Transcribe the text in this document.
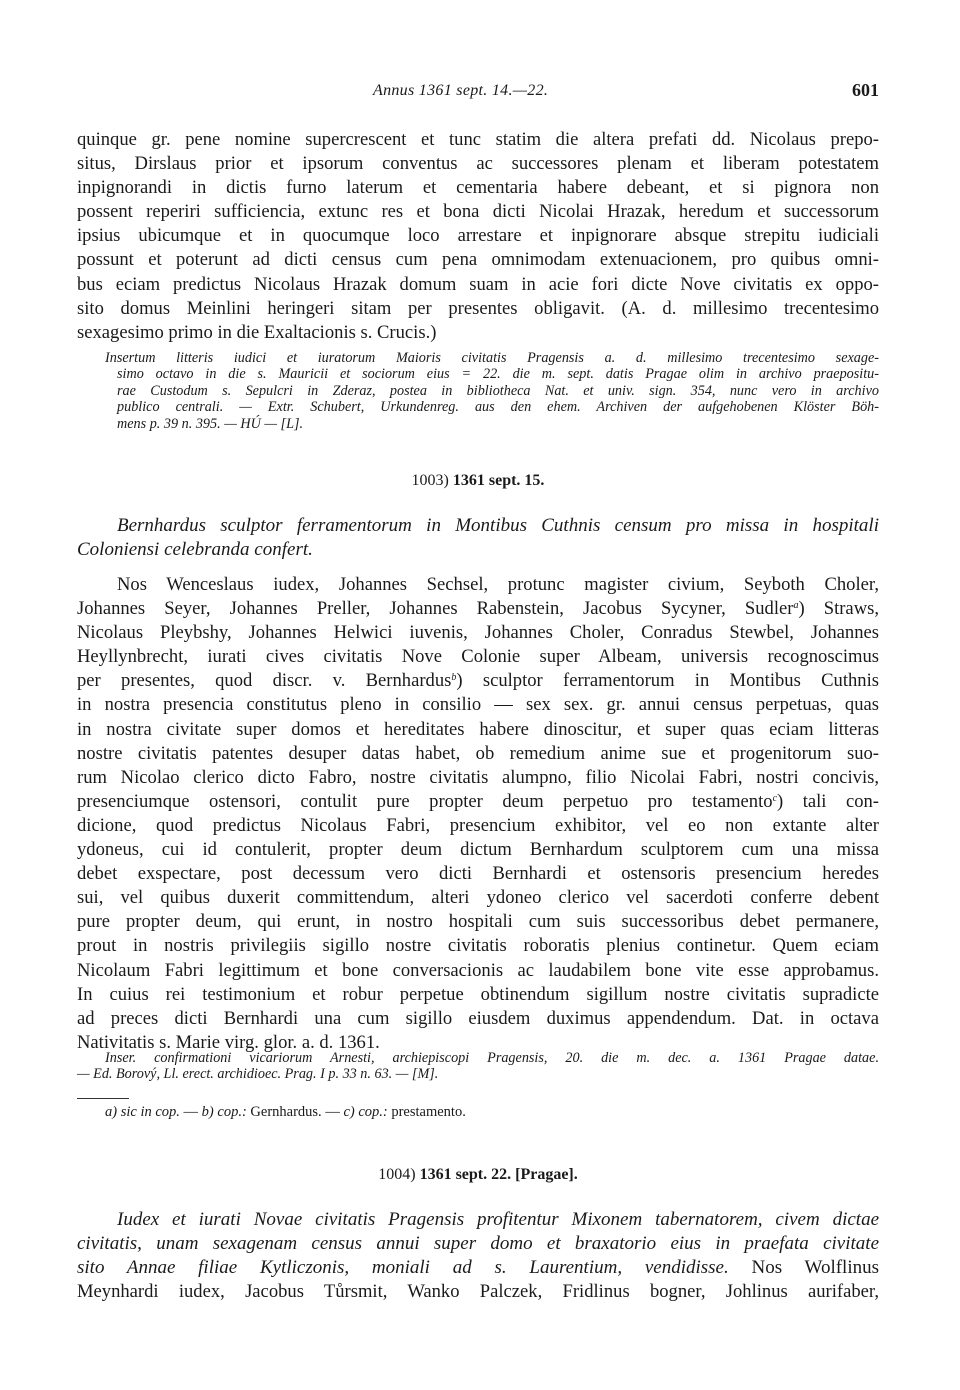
Annus 1361 sept. 14.—22.	601

quinque gr. pene nomine supercrescent et tunc statim die altera prefati dd. Nicolaus prepo-
situs, Dirslaus prior et ipsorum conventus ac successores plenam et liberam potestatem
inpignorandi in dictis furno laterum et cementaria habere debeant, et si pignora non
possent reperiri sufficiencia, extunc res et bona dicti Nicolai Hrazak, heredum et successorum
ipsius ubicumque et in quocumque loco arrestare et inpignorare absque strepitu iudiciali
possunt et poterunt ad dicti census cum pena omnimodam extenuacionem, pro quibus omni-
bus eciam predictus Nicolaus Hrazak domum suam in acie fori dicte Nove civitatis ex oppo-
sito domus Meinlini heringeri sitam per presentes obligavit. (A. d. millesimo trecentesimo
sexagesimo primo in die Exaltacionis s. Crucis.)

Insertum litteris iudici et iuratorum Maioris civitatis Pragensis a. d. millesimo trecentesimo sexage-
simo octavo in die s. Mauricii et sociorum eius = 22. die m. sept. datis Pragae olim in archivo praepositu-
rae Custodum s. Sepulcri in Zderaz, postea in bibliotheca Nat. et univ. sign. 354, nunc vero in archivo
publico centrali. — Extr. Schubert, Urkundenreg. aus den ehem. Archiven der aufgehobenen Klöster Böh-
mens p. 39 n. 395. — HÚ — [L].

1003) 1361 sept. 15.

Bernhardus sculptor ferramentorum in Montibus Cuthnis censum pro missa in hospitali
Coloniensi celebranda confert.

Nos Wenceslaus iudex, Johannes Sechsel, protunc magister civium, Seyboth Choler,
Johannes Seyer, Johannes Preller, Johannes Rabenstein, Jacobus Sycyner, Sudler$^a$) Straws,
Nicolaus Pleybshy, Johannes Helwici iuvenis, Johannes Choler, Conradus Stewbel, Johannes
Heyllynbrecht, iurati cives civitatis Nove Colonie super Albeam, universis recognoscimus
per presentes, quod discr. v. Bernhardus$^b$) sculptor ferramentorum in Montibus Cuthnis
in nostra presencia constitutus pleno in consilio — sex sex. gr. annui census perpetuas, quas
in nostra civitate super domos et hereditates habere dinoscitur, et super quas eciam litteras
nostre civitatis patentes desuper datas habet, ob remedium anime sue et progenitorum suo-
rum Nicolao clerico dicto Fabro, nostre civitatis alumpno, filio Nicolai Fabri, nostri concivis,
presenciumque ostensori, contulit pure propter deum perpetuo pro testamento$^c$) tali con-
dicione, quod predictus Nicolaus Fabri, presencium exhibitor, vel eo non extante alter
ydoneus, cui id contulerit, propter deum dictum Bernhardum sculptorem cum una missa
debet exspectare, post decessum vero dicti Bernhardi et ostensoris presencium heredes
sui, vel quibus duxerit committendum, alteri ydoneo clerico vel sacerdoti conferre debent
pure propter deum, qui erunt, in nostro hospitali cum suis successoribus debet permanere,
prout in nostris privilegiis sigillo nostre civitatis roboratis plenius continetur. Quem eciam
Nicolaum Fabri legittimum et bone conversacionis ac laudabilem bone vite esse approbamus.
In cuius rei testimonium et robur perpetue obtinendum sigillum nostre civitatis supradicte
ad preces dicti Bernhardi una cum sigillo eiusdem duximus appendendum. Dat. in octava
Nativitatis s. Marie virg. glor. a. d. 1361.

Inser. confirmationi vicariorum Arnesti, archiepiscopi Pragensis, 20. die m. dec. a. 1361 Pragae datae.
— Ed. Borový, Ll. erect. archidioec. Prag. I p. 33 n. 63. — [M].

a) sic in cop. — b) cop.: Gernhardus. — c) cop.: prestamento.
1004) 1361 sept. 22. [Pragae].

Iudex et iurati Novae civitatis Pragensis profitentur Mixonem tabernatorem, civem dictae
civitatis, unam sexagenam census annui super domo et braxatorio eius in praefata civitate
sito Annae filiae Kytliczonis, moniali ad s. Laurentium, vendidisse. Nos Wolflinus

Meynhardi iudex, Jacobus Tůrsmit, Wanko Palczek, Fridlinus bogner, Johlinus aurifaber,
